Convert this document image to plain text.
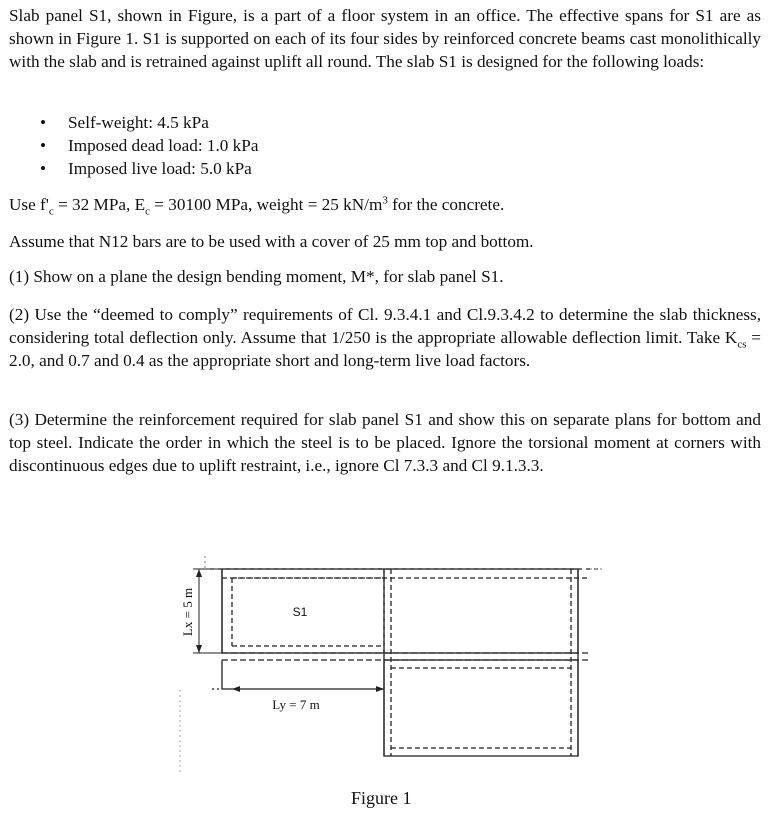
Slab panel S1, shown in Figure, is a part of a floor system in an office. The effective spans for S1 are as shown in Figure 1. S1 is supported on each of its four sides by reinforced concrete beams cast monolithically with the slab and is retrained against uplift all round. The slab S1 is designed for the following loads:

• Self-weight: 4.5 kPa
• Imposed dead load: 1.0 kPa
• Imposed live load: 5.0 kPa

Use $f'_c = 32$ MPa, $E_c = 30100$ MPa, weight = 25 $kN/m^3$ for the concrete.

Assume that N12 bars are to be used with a cover of 25 mm top and bottom.

(1) Show on a plane the design bending moment, M*, for slab panel S1.

(2) Use the “deemed to comply” requirements of Cl. 9.3.4.1 and Cl.9.3.4.2 to determine the slab thickness, considering total deflection only. Assume that 1/250 is the appropriate allowable deflection limit. Take $K_{cs} = 2.0$, and 0.7 and 0.4 as the appropriate short and long-term live load factors.

(3) Determine the reinforcement required for slab panel S1 and show this on separate plans for bottom and top steel. Indicate the order in which the steel is to be placed. Ignore the torsional moment at corners with discontinuous edges due to uplift restraint, i.e., ignore Cl 7.3.3 and Cl 9.1.3.3.

S1
Lx = 5 m
Ly = 7 m
Figure 1
